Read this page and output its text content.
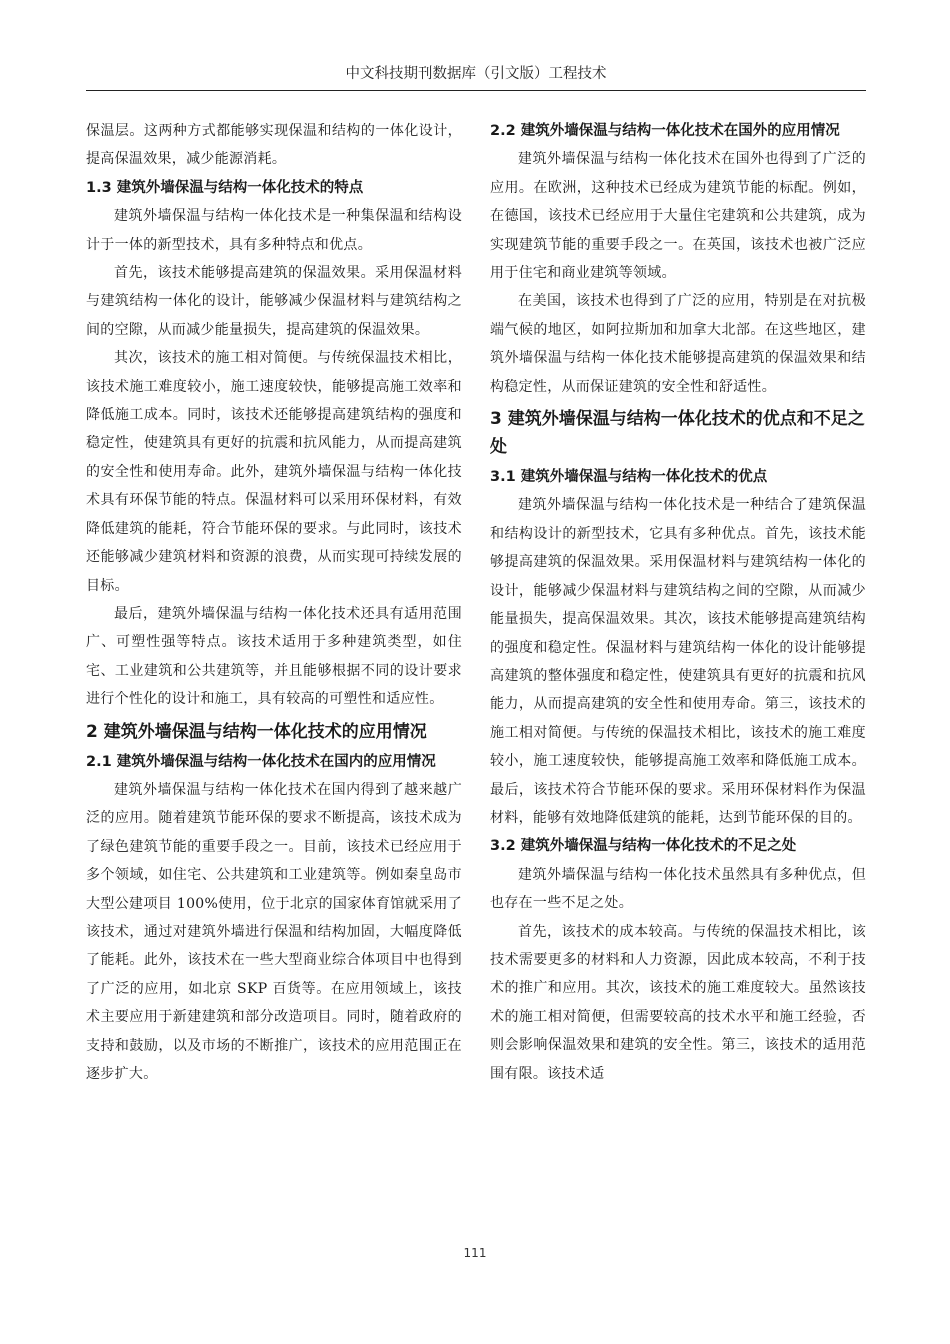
中文科技期刊数据库（引文版）工程技术

保温层。这两种方式都能够实现保温和结构的一体化设计，提高保温效果，减少能源消耗。

1.3 建筑外墙保温与结构一体化技术的特点

建筑外墙保温与结构一体化技术是一种集保温和结构设计于一体的新型技术，具有多种特点和优点。

首先，该技术能够提高建筑的保温效果。采用保温材料与建筑结构一体化的设计，能够减少保温材料与建筑结构之间的空隙，从而减少能量损失，提高建筑的保温效果。

其次，该技术的施工相对简便。与传统保温技术相比，该技术施工难度较小，施工速度较快，能够提高施工效率和降低施工成本。同时，该技术还能够提高建筑结构的强度和稳定性，使建筑具有更好的抗震和抗风能力，从而提高建筑的安全性和使用寿命。此外，建筑外墙保温与结构一体化技术具有环保节能的特点。保温材料可以采用环保材料，有效降低建筑的能耗，符合节能环保的要求。与此同时，该技术还能够减少建筑材料和资源的浪费，从而实现可持续发展的目标。

最后，建筑外墙保温与结构一体化技术还具有适用范围广、可塑性强等特点。该技术适用于多种建筑类型，如住宅、工业建筑和公共建筑等，并且能够根据不同的设计要求进行个性化的设计和施工，具有较高的可塑性和适应性。

2 建筑外墙保温与结构一体化技术的应用情况
2.1 建筑外墙保温与结构一体化技术在国内的应用情况

建筑外墙保温与结构一体化技术在国内得到了越来越广泛的应用。随着建筑节能环保的要求不断提高，该技术成为了绿色建筑节能的重要手段之一。目前，该技术已经应用于多个领域，如住宅、公共建筑和工业建筑等。例如秦皇岛市大型公建项目 100%使用，位于北京的国家体育馆就采用了该技术，通过对建筑外墙进行保温和结构加固，大幅度降低了能耗。此外，该技术在一些大型商业综合体项目中也得到了广泛的应用，如北京 SKP 百货等。在应用领域上，该技术主要应用于新建建筑和部分改造项目。同时，随着政府的支持和鼓励，以及市场的不断推广，该技术的应用范围正在逐步扩大。

2.2 建筑外墙保温与结构一体化技术在国外的应用情况

建筑外墙保温与结构一体化技术在国外也得到了广泛的应用。在欧洲，这种技术已经成为建筑节能的标配。例如，在德国，该技术已经应用于大量住宅建筑和公共建筑，成为实现建筑节能的重要手段之一。在英国，该技术也被广泛应用于住宅和商业建筑等领域。

在美国，该技术也得到了广泛的应用，特别是在对抗极端气候的地区，如阿拉斯加和加拿大北部。在这些地区，建筑外墙保温与结构一体化技术能够提高建筑的保温效果和结构稳定性，从而保证建筑的安全性和舒适性。

3 建筑外墙保温与结构一体化技术的优点和不足之处
3.1 建筑外墙保温与结构一体化技术的优点

建筑外墙保温与结构一体化技术是一种结合了建筑保温和结构设计的新型技术，它具有多种优点。首先，该技术能够提高建筑的保温效果。采用保温材料与建筑结构一体化的设计，能够减少保温材料与建筑结构之间的空隙，从而减少能量损失，提高保温效果。其次，该技术能够提高建筑结构的强度和稳定性。保温材料与建筑结构一体化的设计能够提高建筑的整体强度和稳定性，使建筑具有更好的抗震和抗风能力，从而提高建筑的安全性和使用寿命。第三，该技术的施工相对简便。与传统的保温技术相比，该技术的施工难度较小，施工速度较快，能够提高施工效率和降低施工成本。最后，该技术符合节能环保的要求。采用环保材料作为保温材料，能够有效地降低建筑的能耗，达到节能环保的目的。

3.2 建筑外墙保温与结构一体化技术的不足之处

建筑外墙保温与结构一体化技术虽然具有多种优点，但也存在一些不足之处。

首先，该技术的成本较高。与传统的保温技术相比，该技术需要更多的材料和人力资源，因此成本较高，不利于技术的推广和应用。其次，该技术的施工难度较大。虽然该技术的施工相对简便，但需要较高的技术水平和施工经验，否则会影响保温效果和建筑的安全性。第三，该技术的适用范围有限。该技术适

111
